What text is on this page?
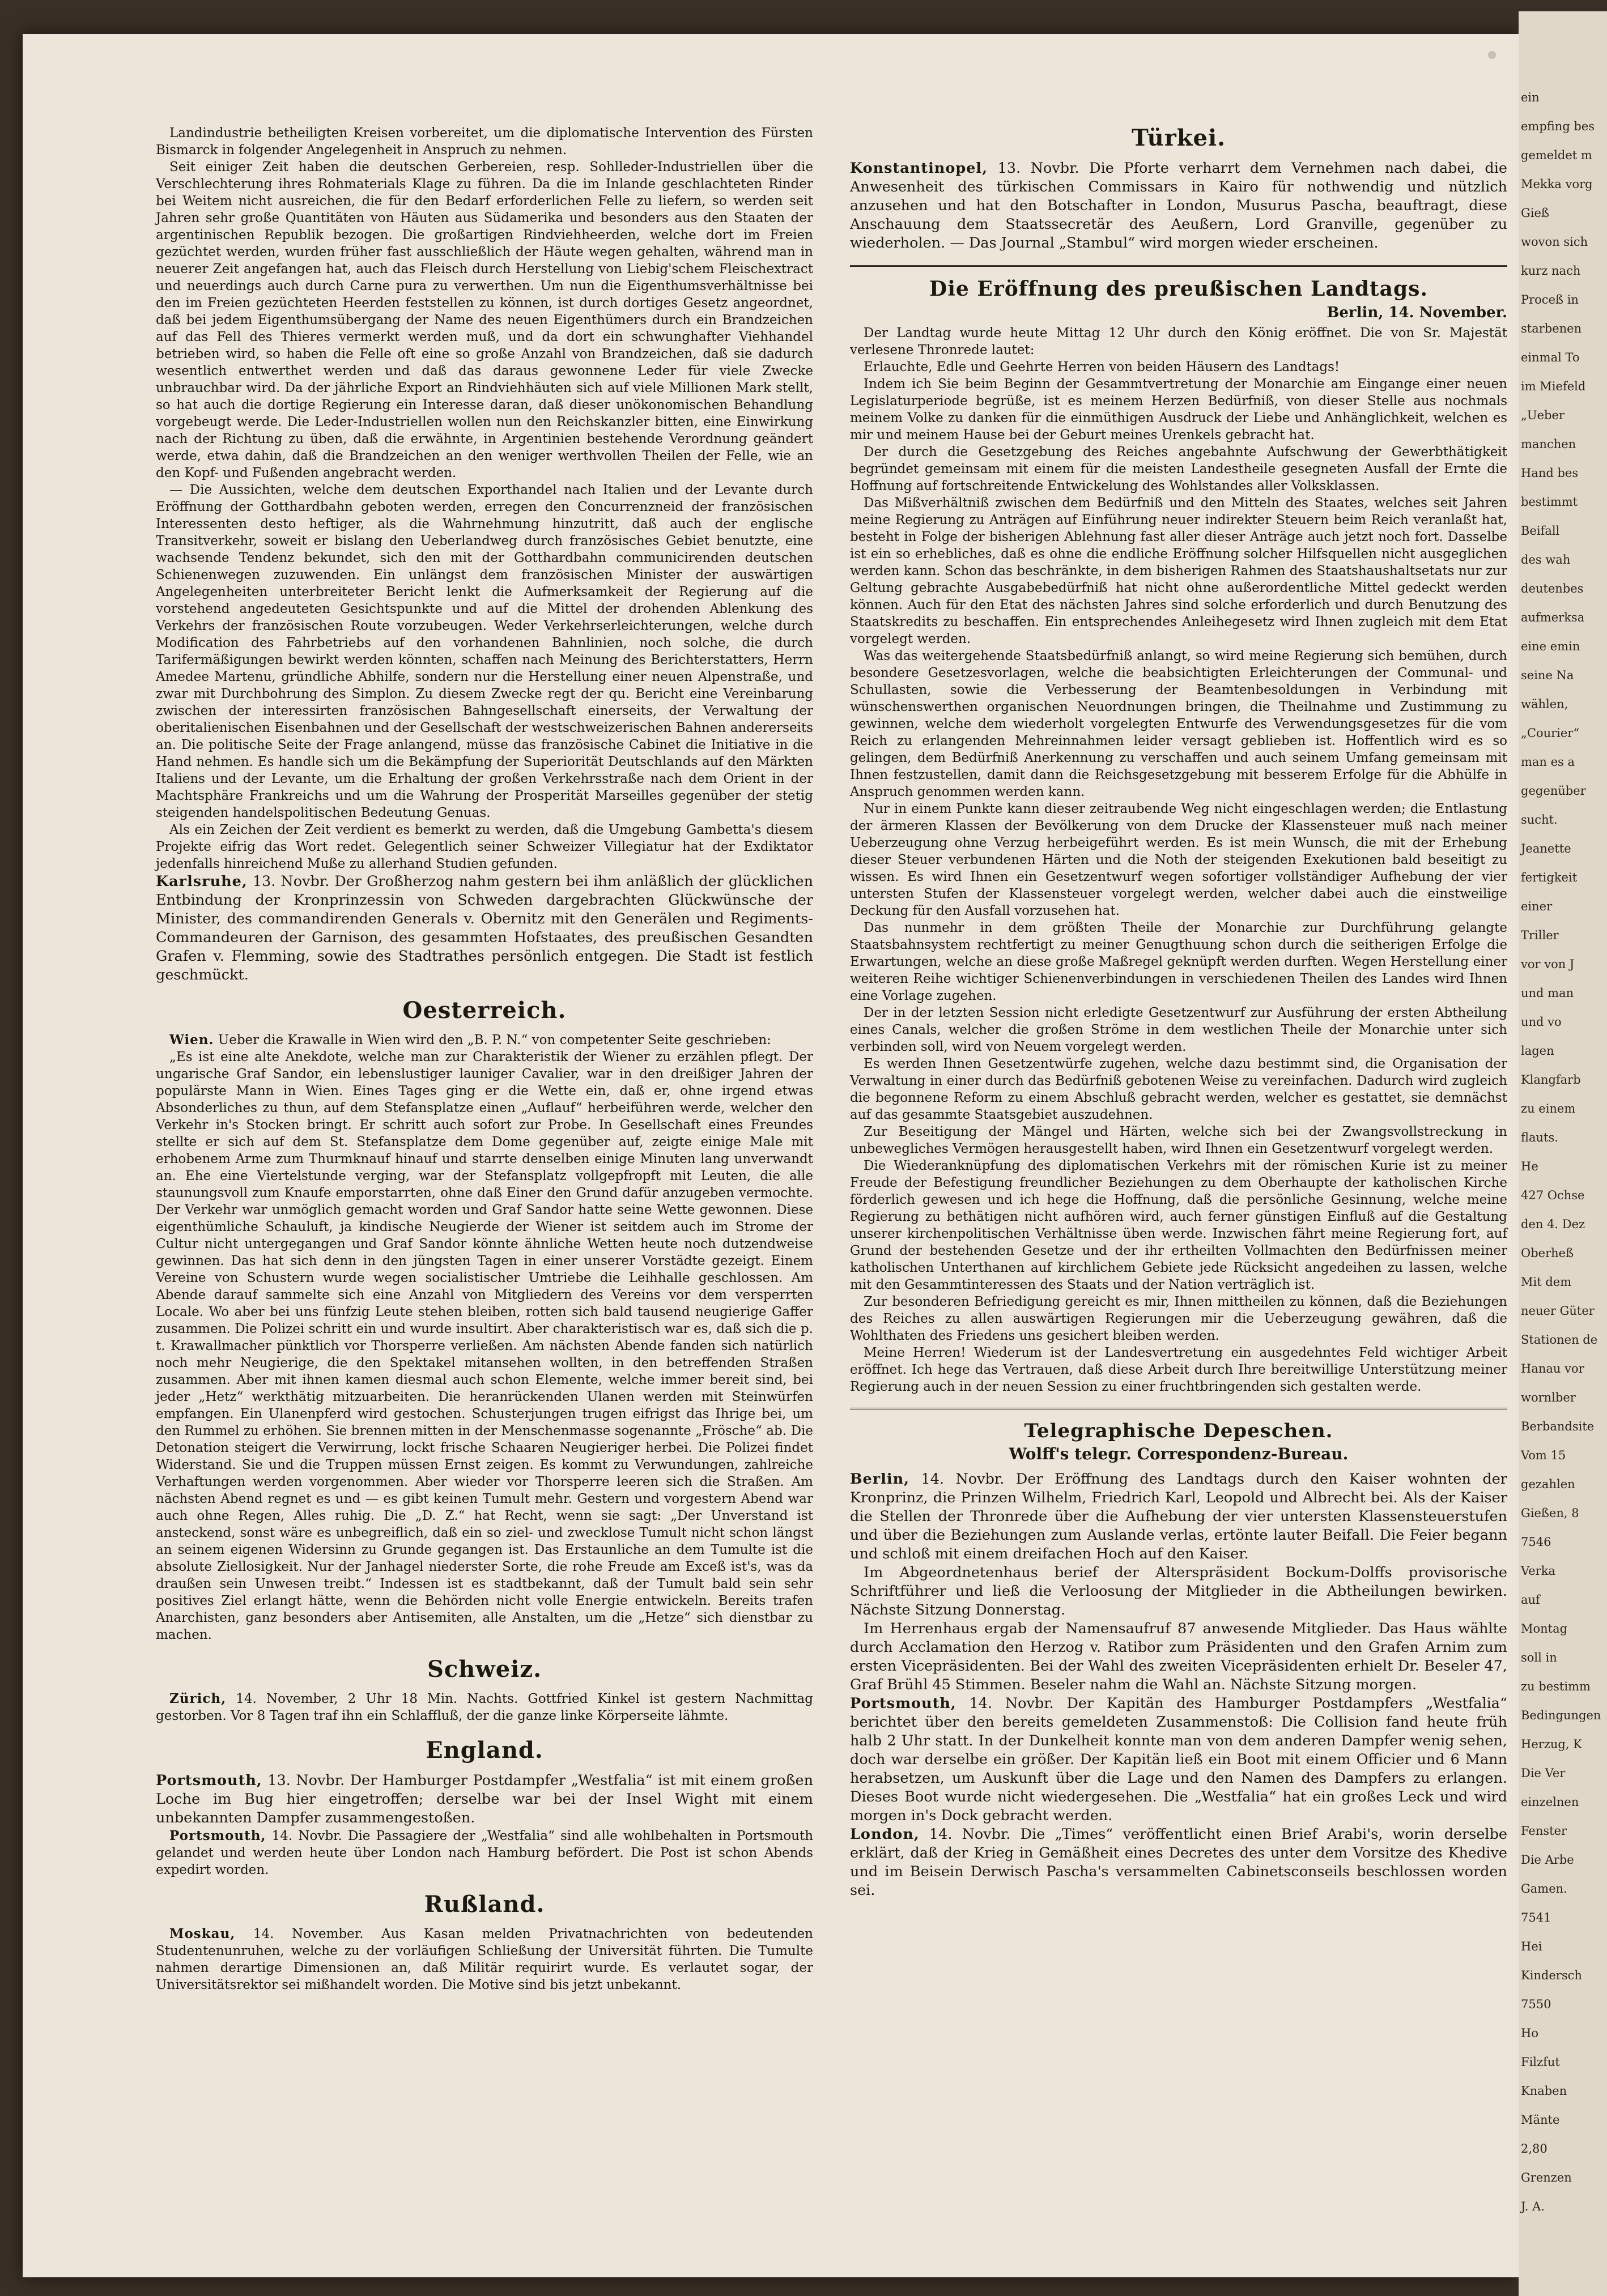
Landindustrie betheiligten Kreisen vorbereitet, um die diplomatische Intervention des Fürsten Bismarck in folgender Angelegenheit in Anspruch zu nehmen.

Seit einiger Zeit haben die deutschen Gerbereien, resp. Sohlleder-Industriellen über die Verschlechterung ihres Rohmaterials Klage zu führen. Da die im Inlande geschlachteten Rinder bei Weitem nicht ausreichen, die für den Bedarf erforderlichen Felle zu liefern, so werden seit Jahren sehr große Quantitäten von Häuten aus Südamerika und besonders aus den Staaten der argentinischen Republik bezogen. Die großartigen Rindviehheerden, welche dort im Freien gezüchtet werden, wurden früher fast ausschließlich der Häute wegen gehalten, während man in neuerer Zeit angefangen hat, auch das Fleisch durch Herstellung von Liebig'schem Fleischextract und neuerdings auch durch Carne pura zu verwerthen. Um nun die Eigenthumsverhältnisse bei den im Freien gezüchteten Heerden feststellen zu können, ist durch dortiges Gesetz angeordnet, daß bei jedem Eigenthumsübergang der Name des neuen Eigenthümers durch ein Brandzeichen auf das Fell des Thieres vermerkt werden muß, und da dort ein schwunghafter Viehhandel betrieben wird, so haben die Felle oft eine so große Anzahl von Brandzeichen, daß sie dadurch wesentlich entwerthet werden und daß das daraus gewonnene Leder für viele Zwecke unbrauchbar wird. Da der jährliche Export an Rindviehhäuten sich auf viele Millionen Mark stellt, so hat auch die dortige Regierung ein Interesse daran, daß dieser unökonomischen Behandlung vorgebeugt werde. Die Leder-Industriellen wollen nun den Reichskanzler bitten, eine Einwirkung nach der Richtung zu üben, daß die erwähnte, in Argentinien bestehende Verordnung geändert werde, etwa dahin, daß die Brandzeichen an den weniger werthvollen Theilen der Felle, wie an den Kopf- und Fußenden angebracht werden.

— Die Aussichten, welche dem deutschen Exporthandel nach Italien und der Levante durch Eröffnung der Gotthardbahn geboten werden, erregen den Concurrenzneid der französischen Interessenten desto heftiger, als die Wahrnehmung hinzutritt, daß auch der englische Transitverkehr, soweit er bislang den Ueberlandweg durch französisches Gebiet benutzte, eine wachsende Tendenz bekundet, sich den mit der Gotthardbahn communicirenden deutschen Schienenwegen zuzuwenden. Ein unlängst dem französischen Minister der auswärtigen Angelegenheiten unterbreiteter Bericht lenkt die Aufmerksamkeit der Regierung auf die vorstehend angedeuteten Gesichtspunkte und auf die Mittel der drohenden Ablenkung des Verkehrs der französischen Route vorzubeugen. Weder Verkehrserleichterungen, welche durch Modification des Fahrbetriebs auf den vorhandenen Bahnlinien, noch solche, die durch Tarifermäßigungen bewirkt werden könnten, schaffen nach Meinung des Berichterstatters, Herrn Amedee Martenu, gründliche Abhilfe, sondern nur die Herstellung einer neuen Alpenstraße, und zwar mit Durchbohrung des Simplon. Zu diesem Zwecke regt der qu. Bericht eine Vereinbarung zwischen der interessirten französischen Bahngesellschaft einerseits, der Verwaltung der oberitalienischen Eisenbahnen und der Gesellschaft der westschweizerischen Bahnen andererseits an. Die politische Seite der Frage anlangend, müsse das französische Cabinet die Initiative in die Hand nehmen. Es handle sich um die Bekämpfung der Superiorität Deutschlands auf den Märkten Italiens und der Levante, um die Erhaltung der großen Verkehrsstraße nach dem Orient in der Machtsphäre Frankreichs und um die Wahrung der Prosperität Marseilles gegenüber der stetig steigenden handelspolitischen Bedeutung Genuas.

Als ein Zeichen der Zeit verdient es bemerkt zu werden, daß die Umgebung Gambetta's diesem Projekte eifrig das Wort redet. Gelegentlich seiner Schweizer Villegiatur hat der Exdiktator jedenfalls hinreichend Muße zu allerhand Studien gefunden.

Karlsruhe, 13. Novbr. Der Großherzog nahm gestern bei ihm anläßlich der glücklichen Entbindung der Kronprinzessin von Schweden dargebrachten Glückwünsche der Minister, des commandirenden Generals v. Obernitz mit den Generälen und Regiments-Commandeuren der Garnison, des gesammten Hofstaates, des preußischen Gesandten Grafen v. Flemming, sowie des Stadtrathes persönlich entgegen. Die Stadt ist festlich geschmückt.

Oesterreich.

Wien. Ueber die Krawalle in Wien wird den „B. P. N.“ von competenter Seite geschrieben:

„Es ist eine alte Anekdote, welche man zur Charakteristik der Wiener zu erzählen pflegt. Der ungarische Graf Sandor, ein lebenslustiger launiger Cavalier, war in den dreißiger Jahren der populärste Mann in Wien. Eines Tages ging er die Wette ein, daß er, ohne irgend etwas Absonderliches zu thun, auf dem Stefansplatze einen „Auflauf“ herbeiführen werde, welcher den Verkehr in's Stocken bringt. Er schritt auch sofort zur Probe. In Gesellschaft eines Freundes stellte er sich auf dem St. Stefansplatze dem Dome gegenüber auf, zeigte einige Male mit erhobenem Arme zum Thurmknauf hinauf und starrte denselben einige Minuten lang unverwandt an. Ehe eine Viertelstunde verging, war der Stefansplatz vollgepfropft mit Leuten, die alle staunungsvoll zum Knaufe emporstarrten, ohne daß Einer den Grund dafür anzugeben vermochte. Der Verkehr war unmöglich gemacht worden und Graf Sandor hatte seine Wette gewonnen. Diese eigenthümliche Schauluft, ja kindische Neugierde der Wiener ist seitdem auch im Strome der Cultur nicht untergegangen und Graf Sandor könnte ähnliche Wetten heute noch dutzendweise gewinnen. Das hat sich denn in den jüngsten Tagen in einer unserer Vorstädte gezeigt. Einem Vereine von Schustern wurde wegen socialistischer Umtriebe die Leihhalle geschlossen. Am Abende darauf sammelte sich eine Anzahl von Mitgliedern des Vereins vor dem versperrten Locale. Wo aber bei uns fünfzig Leute stehen bleiben, rotten sich bald tausend neugierige Gaffer zusammen. Die Polizei schritt ein und wurde insultirt. Aber charakteristisch war es, daß sich die p. t. Krawallmacher pünktlich vor Thorsperre verließen. Am nächsten Abende fanden sich natürlich noch mehr Neugierige, die den Spektakel mitansehen wollten, in den betreffenden Straßen zusammen. Aber mit ihnen kamen diesmal auch schon Elemente, welche immer bereit sind, bei jeder „Hetz“ werkthätig mitzuarbeiten. Die heranrückenden Ulanen werden mit Steinwürfen empfangen. Ein Ulanenpferd wird gestochen. Schusterjungen trugen eifrigst das Ihrige bei, um den Rummel zu erhöhen. Sie brennen mitten in der Menschenmasse sogenannte „Frösche“ ab. Die Detonation steigert die Verwirrung, lockt frische Schaaren Neugieriger herbei. Die Polizei findet Widerstand. Sie und die Truppen müssen Ernst zeigen. Es kommt zu Verwundungen, zahlreiche Verhaftungen werden vorgenommen. Aber wieder vor Thorsperre leeren sich die Straßen. Am nächsten Abend regnet es und — es gibt keinen Tumult mehr. Gestern und vorgestern Abend war auch ohne Regen, Alles ruhig. Die „D. Z.“ hat Recht, wenn sie sagt: „Der Unverstand ist ansteckend, sonst wäre es unbegreiflich, daß ein so ziel- und zwecklose Tumult nicht schon längst an seinem eigenen Widersinn zu Grunde gegangen ist. Das Erstaunliche an dem Tumulte ist die absolute Ziellosigkeit. Nur der Janhagel niederster Sorte, die rohe Freude am Exceß ist's, was da draußen sein Unwesen treibt.“ Indessen ist es stadtbekannt, daß der Tumult bald sein sehr positives Ziel erlangt hätte, wenn die Behörden nicht volle Energie entwickeln. Bereits trafen Anarchisten, ganz besonders aber Antisemiten, alle Anstalten, um die „Hetze“ sich dienstbar zu machen.

Schweiz.

Zürich, 14. November, 2 Uhr 18 Min. Nachts. Gottfried Kinkel ist gestern Nachmittag gestorben. Vor 8 Tagen traf ihn ein Schlaffluß, der die ganze linke Körperseite lähmte.

England.

Portsmouth, 13. Novbr. Der Hamburger Postdampfer „Westfalia“ ist mit einem großen Loche im Bug hier eingetroffen; derselbe war bei der Insel Wight mit einem unbekannten Dampfer zusammengestoßen.

Portsmouth, 14. Novbr. Die Passagiere der „Westfalia“ sind alle wohlbehalten in Portsmouth gelandet und werden heute über London nach Hamburg befördert. Die Post ist schon Abends expedirt worden.

Rußland.

Moskau, 14. November. Aus Kasan melden Privatnachrichten von bedeutenden Studentenunruhen, welche zu der vorläufigen Schließung der Universität führten. Die Tumulte nahmen derartige Dimensionen an, daß Militär requirirt wurde. Es verlautet sogar, der Universitätsrektor sei mißhandelt worden. Die Motive sind bis jetzt unbekannt.

Türkei.

Konstantinopel, 13. Novbr. Die Pforte verharrt dem Vernehmen nach dabei, die Anwesenheit des türkischen Commissars in Kairo für nothwendig und nützlich anzusehen und hat den Botschafter in London, Musurus Pascha, beauftragt, diese Anschauung dem Staatssecretär des Aeußern, Lord Granville, gegenüber zu wiederholen. — Das Journal „Stambul“ wird morgen wieder erscheinen.

Die Eröffnung des preußischen Landtags.
Berlin, 14. November.

Der Landtag wurde heute Mittag 12 Uhr durch den König eröffnet. Die von Sr. Majestät verlesene Thronrede lautet:

Erlauchte, Edle und Geehrte Herren von beiden Häusern des Landtags!

Indem ich Sie beim Beginn der Gesammtvertretung der Monarchie am Eingange einer neuen Legislaturperiode begrüße, ist es meinem Herzen Bedürfniß, von dieser Stelle aus nochmals meinem Volke zu danken für die einmüthigen Ausdruck der Liebe und Anhänglichkeit, welchen es mir und meinem Hause bei der Geburt meines Urenkels gebracht hat.

Der durch die Gesetzgebung des Reiches angebahnte Aufschwung der Gewerbthätigkeit begründet gemeinsam mit einem für die meisten Landestheile gesegneten Ausfall der Ernte die Hoffnung auf fortschreitende Entwickelung des Wohlstandes aller Volksklassen.

Das Mißverhältniß zwischen dem Bedürfniß und den Mitteln des Staates, welches seit Jahren meine Regierung zu Anträgen auf Einführung neuer indirekter Steuern beim Reich veranlaßt hat, besteht in Folge der bisherigen Ablehnung fast aller dieser Anträge auch jetzt noch fort. Dasselbe ist ein so erhebliches, daß es ohne die endliche Eröffnung solcher Hilfsquellen nicht ausgeglichen werden kann. Schon das beschränkte, in dem bisherigen Rahmen des Staatshaushaltsetats nur zur Geltung gebrachte Ausgabebedürfniß hat nicht ohne außerordentliche Mittel gedeckt werden können. Auch für den Etat des nächsten Jahres sind solche erforderlich und durch Benutzung des Staatskredits zu beschaffen. Ein entsprechendes Anleihegesetz wird Ihnen zugleich mit dem Etat vorgelegt werden.

Was das weitergehende Staatsbedürfniß anlangt, so wird meine Regierung sich bemühen, durch besondere Gesetzesvorlagen, welche die beabsichtigten Erleichterungen der Communal- und Schullasten, sowie die Verbesserung der Beamtenbesoldungen in Verbindung mit wünschenswerthen organischen Neuordnungen bringen, die Theilnahme und Zustimmung zu gewinnen, welche dem wiederholt vorgelegten Entwurfe des Verwendungsgesetzes für die vom Reich zu erlangenden Mehreinnahmen leider versagt geblieben ist. Hoffentlich wird es so gelingen, dem Bedürfniß Anerkennung zu verschaffen und auch seinem Umfang gemeinsam mit Ihnen festzustellen, damit dann die Reichsgesetzgebung mit besserem Erfolge für die Abhülfe in Anspruch genommen werden kann.

Nur in einem Punkte kann dieser zeitraubende Weg nicht eingeschlagen werden; die Entlastung der ärmeren Klassen der Bevölkerung von dem Drucke der Klassensteuer muß nach meiner Ueberzeugung ohne Verzug herbeigeführt werden. Es ist mein Wunsch, die mit der Erhebung dieser Steuer verbundenen Härten und die Noth der steigenden Exekutionen bald beseitigt zu wissen. Es wird Ihnen ein Gesetzentwurf wegen sofortiger vollständiger Aufhebung der vier untersten Stufen der Klassensteuer vorgelegt werden, welcher dabei auch die einstweilige Deckung für den Ausfall vorzusehen hat.

Das nunmehr in dem größten Theile der Monarchie zur Durchführung gelangte Staatsbahnsystem rechtfertigt zu meiner Genugthuung schon durch die seitherigen Erfolge die Erwartungen, welche an diese große Maßregel geknüpft werden durften. Wegen Herstellung einer weiteren Reihe wichtiger Schienenverbindungen in verschiedenen Theilen des Landes wird Ihnen eine Vorlage zugehen.

Der in der letzten Session nicht erledigte Gesetzentwurf zur Ausführung der ersten Abtheilung eines Canals, welcher die großen Ströme in dem westlichen Theile der Monarchie unter sich verbinden soll, wird von Neuem vorgelegt werden.

Es werden Ihnen Gesetzentwürfe zugehen, welche dazu bestimmt sind, die Organisation der Verwaltung in einer durch das Bedürfniß gebotenen Weise zu vereinfachen. Dadurch wird zugleich die begonnene Reform zu einem Abschluß gebracht werden, welcher es gestattet, sie demnächst auf das gesammte Staatsgebiet auszudehnen.

Zur Beseitigung der Mängel und Härten, welche sich bei der Zwangsvollstreckung in unbewegliches Vermögen herausgestellt haben, wird Ihnen ein Gesetzentwurf vorgelegt werden.

Die Wiederanknüpfung des diplomatischen Verkehrs mit der römischen Kurie ist zu meiner Freude der Befestigung freundlicher Beziehungen zu dem Oberhaupte der katholischen Kirche förderlich gewesen und ich hege die Hoffnung, daß die persönliche Gesinnung, welche meine Regierung zu bethätigen nicht aufhören wird, auch ferner günstigen Einfluß auf die Gestaltung unserer kirchenpolitischen Verhältnisse üben werde. Inzwischen fährt meine Regierung fort, auf Grund der bestehenden Gesetze und der ihr ertheilten Vollmachten den Bedürfnissen meiner katholischen Unterthanen auf kirchlichem Gebiete jede Rücksicht angedeihen zu lassen, welche mit den Gesammtinteressen des Staats und der Nation verträglich ist.

Zur besonderen Befriedigung gereicht es mir, Ihnen mittheilen zu können, daß die Beziehungen des Reiches zu allen auswärtigen Regierungen mir die Ueberzeugung gewähren, daß die Wohlthaten des Friedens uns gesichert bleiben werden.

Meine Herren! Wiederum ist der Landesvertretung ein ausgedehntes Feld wichtiger Arbeit eröffnet. Ich hege das Vertrauen, daß diese Arbeit durch Ihre bereitwillige Unterstützung meiner Regierung auch in der neuen Session zu einer fruchtbringenden sich gestalten werde.

Telegraphische Depeschen.
Wolff's telegr. Correspondenz-Bureau.

Berlin, 14. Novbr. Der Eröffnung des Landtags durch den Kaiser wohnten der Kronprinz, die Prinzen Wilhelm, Friedrich Karl, Leopold und Albrecht bei. Als der Kaiser die Stellen der Thronrede über die Aufhebung der vier untersten Klassensteuerstufen und über die Beziehungen zum Auslande verlas, ertönte lauter Beifall. Die Feier begann und schloß mit einem dreifachen Hoch auf den Kaiser.

Im Abgeordnetenhaus berief der Alterspräsident Bockum-Dolffs provisorische Schriftführer und ließ die Verloosung der Mitglieder in die Abtheilungen bewirken. Nächste Sitzung Donnerstag.

Im Herrenhaus ergab der Namensaufruf 87 anwesende Mitglieder. Das Haus wählte durch Acclamation den Herzog v. Ratibor zum Präsidenten und den Grafen Arnim zum ersten Vicepräsidenten. Bei der Wahl des zweiten Vicepräsidenten erhielt Dr. Beseler 47, Graf Brühl 45 Stimmen. Beseler nahm die Wahl an. Nächste Sitzung morgen.

Portsmouth, 14. Novbr. Der Kapitän des Hamburger Postdampfers „Westfalia“ berichtet über den bereits gemeldeten Zusammenstoß: Die Collision fand heute früh halb 2 Uhr statt. In der Dunkelheit konnte man von dem anderen Dampfer wenig sehen, doch war derselbe ein größer. Der Kapitän ließ ein Boot mit einem Officier und 6 Mann herabsetzen, um Auskunft über die Lage und den Namen des Dampfers zu erlangen. Dieses Boot wurde nicht wiedergesehen. Die „Westfalia“ hat ein großes Leck und wird morgen in's Dock gebracht werden.

London, 14. Novbr. Die „Times“ veröffentlicht einen Brief Arabi's, worin derselbe erklärt, daß der Krieg in Gemäßheit eines Decretes des unter dem Vorsitze des Khedive und im Beisein Derwisch Pascha's versammelten Cabinetsconseils beschlossen worden sei.

ein
empfing bes
gemeldet m
Mekka vorg
Gieß
wovon sich
kurz nach
Proceß in
starbenen
einmal To
im Miefeld
„Ueber
manchen
Hand bes
bestimmt
Beifall
des wah
deutenbes
aufmerksa
eine emin
seine Na
wählen,
„Courier“
man es a
gegenüber
sucht.
Jeanette
fertigkeit
einer
Triller
vor von J
und man
und vo
lagen
Klangfarb
zu einem
flauts.
He
427 Ochse
den 4. Dez
Oberheß
Mit dem
neuer Güter
Stationen de
Hanau vor
wornlber
Berbandsite
Vom 15
gezahlen
Gießen, 8
7546
Verka
auf
Montag
soll in
zu bestimm
Bedingungen
Herzug, K
Die Ver
einzelnen
Fenster
Die Arbe
Gamen.
7541
Hei
Kindersch
7550
Ho
Filzfut
Knaben
Mänte
2,80
Grenzen
J. A.
